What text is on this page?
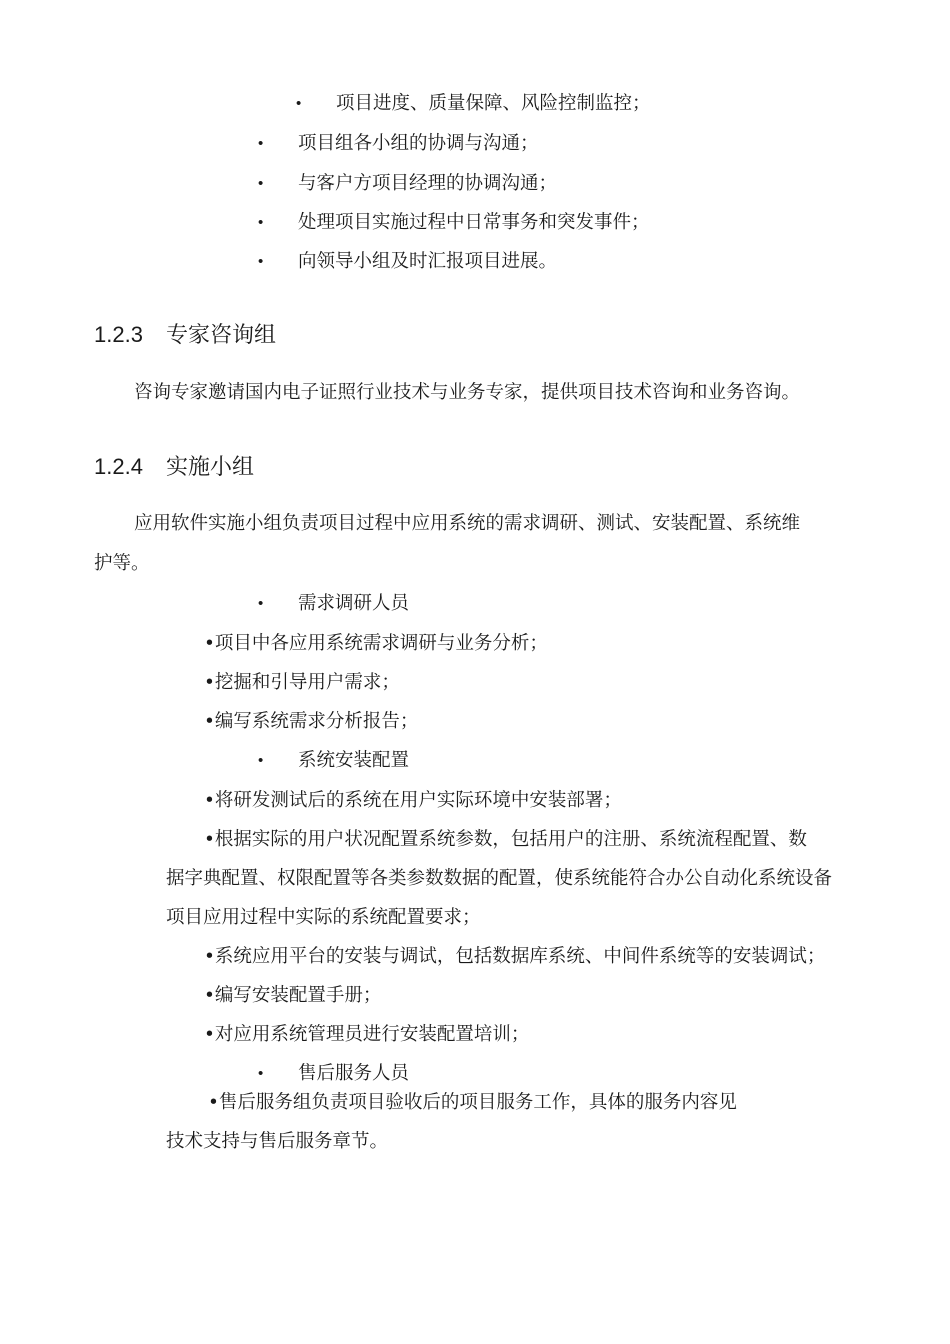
• 项目进度、质量保障、风险控制监控；
• 项目组各小组的协调与沟通；
• 与客户方项目经理的协调沟通；
• 处理项目实施过程中日常事务和突发事件；
• 向领导小组及时汇报项目进展。
1.2.3 专家咨询组
咨询专家邀请国内电子证照行业技术与业务专家，提供项目技术咨询和业务咨询。
1.2.4 实施小组
应用软件实施小组负责项目过程中应用系统的需求调研、测试、安装配置、系统维
护等。
• 需求调研人员
•项目中各应用系统需求调研与业务分析；
•挖掘和引导用户需求；
•编写系统需求分析报告；
• 系统安装配置
•将研发测试后的系统在用户实际环境中安装部署；
•根据实际的用户状况配置系统参数，包括用户的注册、系统流程配置、数
据字典配置、权限配置等各类参数数据的配置，使系统能符合办公自动化系统设备
项目应用过程中实际的系统配置要求；
•系统应用平台的安装与调试，包括数据库系统、中间件系统等的安装调试；
•编写安装配置手册；
•对应用系统管理员进行安装配置培训；
• 售后服务人员
•售后服务组负责项目验收后的项目服务工作，具体的服务内容见
技术支持与售后服务章节。
